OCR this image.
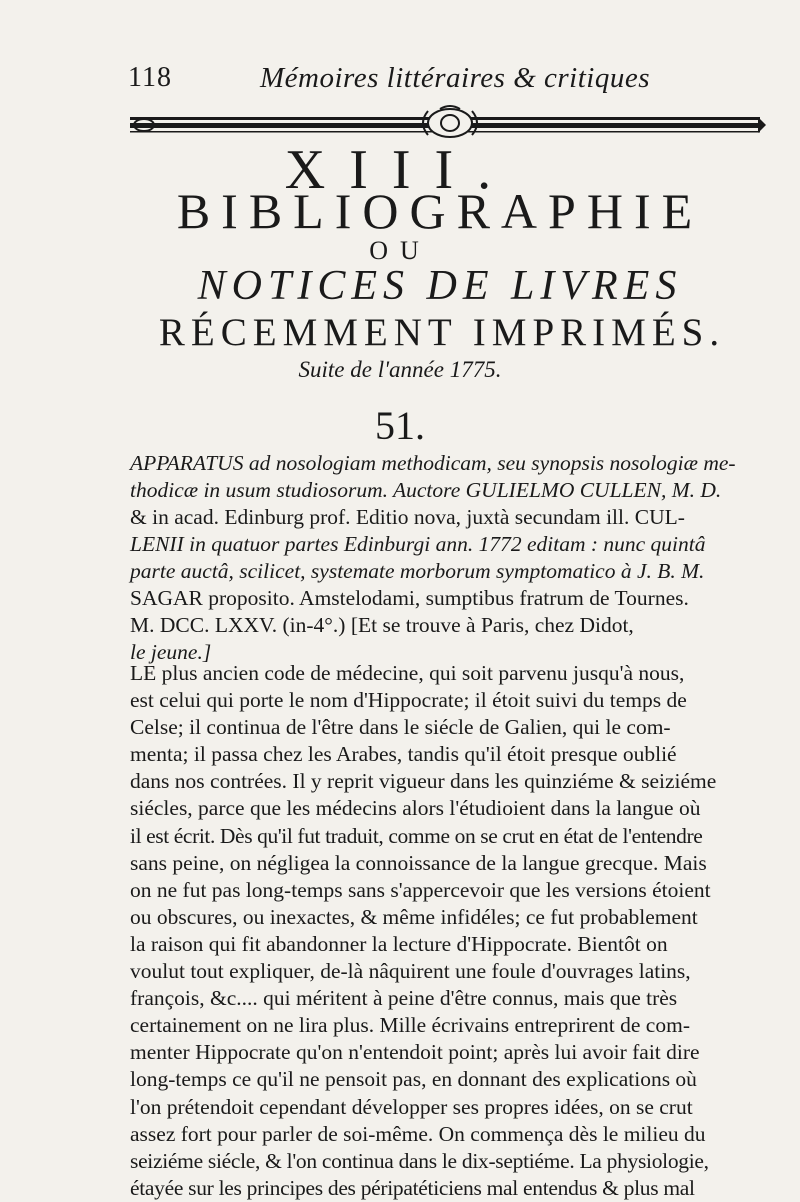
118	Mémoires littéraires & critiques
XIII.
BIBLIOGRAPHIE
OU
NOTICES DE LIVRES
RÉCEMMENT IMPRIMÉS.
Suite de l'année 1775.
51.
APPARATUS ad nosologiam methodicam, seu synopsis nosologiæ me-
thodicæ in usum studiosorum. Auctore GULIELMO CULLEN, M. D.
& in acad. Edinburg prof. Editio nova, juxtà secundam ill. CUL-
LENII in quatuor partes Edinburgi ann. 1772 editam : nunc quintâ
parte auctâ, scilicet, systemate morborum symptomatico à J. B. M.
SAGAR proposito. Amstelodami, sumptibus fratrum de Tournes.
M. DCC. LXXV. (in-4°.) [Et se trouve à Paris, chez Didot,
le jeune.]
LE plus ancien code de médecine, qui soit parvenu jusqu'à nous,
est celui qui porte le nom d'Hippocrate; il étoit suivi du temps de
Celse; il continua de l'être dans le siécle de Galien, qui le com-
menta; il passa chez les Arabes, tandis qu'il étoit presque oublié
dans nos contrées. Il y reprit vigueur dans les quinziéme & seiziéme
siécles, parce que les médecins alors l'étudioient dans la langue où
il est écrit. Dès qu'il fut traduit, comme on se crut en état de l'entendre
sans peine, on négligea la connoissance de la langue grecque. Mais
on ne fut pas long-temps sans s'appercevoir que les versions étoient
ou obscures, ou inexactes, & même infidéles; ce fut probablement
la raison qui fit abandonner la lecture d'Hippocrate. Bientôt on
voulut tout expliquer, de-là nâquirent une foule d'ouvrages latins,
françois, &c.... qui méritent à peine d'être connus, mais que très
certainement on ne lira plus. Mille écrivains entreprirent de com-
menter Hippocrate qu'on n'entendoit point; après lui avoir fait dire
long-temps ce qu'il ne pensoit pas, en donnant des explications où
l'on prétendoit cependant développer ses propres idées, on se crut
assez fort pour parler de soi-même. On commença dès le milieu du
seiziéme siécle, & l'on continua dans le dix-septiéme. La physiologie,
étayée sur les principes des péripatéticiens mal entendus & plus mal
